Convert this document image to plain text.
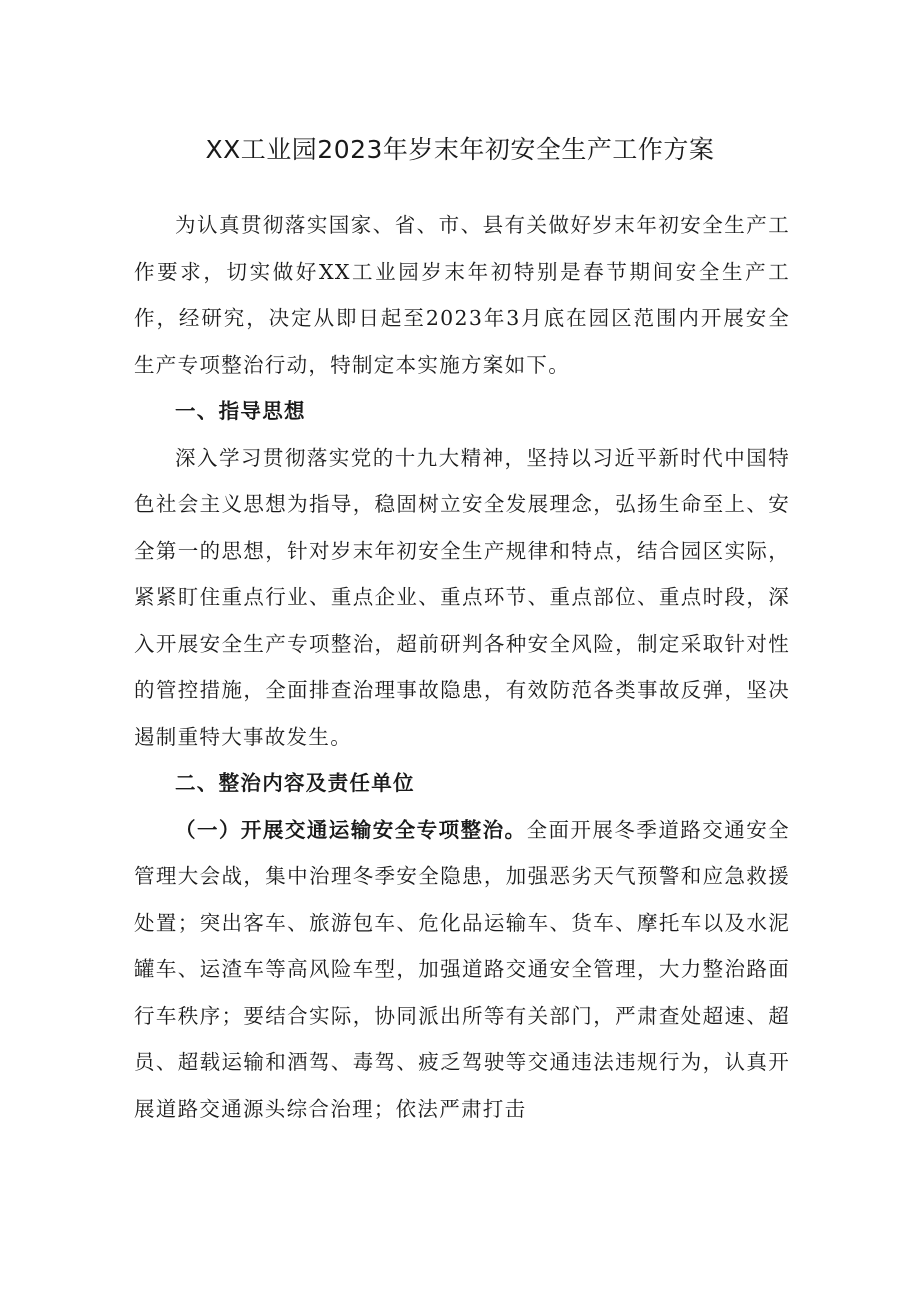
XX工业园2023年岁末年初安全生产工作方案

为认真贯彻落实国家、省、市、县有关做好岁末年初安全生产工作要求，切实做好XX工业园岁末年初特别是春节期间安全生产工作，经研究，决定从即日起至2023年3月底在园区范围内开展安全生产专项整治行动，特制定本实施方案如下。

一、指导思想

深入学习贯彻落实党的十九大精神，坚持以习近平新时代中国特色社会主义思想为指导，稳固树立安全发展理念，弘扬生命至上、安全第一的思想，针对岁末年初安全生产规律和特点，结合园区实际，紧紧盯住重点行业、重点企业、重点环节、重点部位、重点时段，深入开展安全生产专项整治，超前研判各种安全风险，制定采取针对性的管控措施，全面排查治理事故隐患，有效防范各类事故反弹，坚决遏制重特大事故发生。

二、整治内容及责任单位

（一）开展交通运输安全专项整治。全面开展冬季道路交通安全管理大会战，集中治理冬季安全隐患，加强恶劣天气预警和应急救援处置；突出客车、旅游包车、危化品运输车、货车、摩托车以及水泥罐车、运渣车等高风险车型，加强道路交通安全管理，大力整治路面行车秩序；要结合实际，协同派出所等有关部门，严肃查处超速、超员、超载运输和酒驾、毒驾、疲乏驾驶等交通违法违规行为，认真开展道路交通源头综合治理；依法严肃打击
